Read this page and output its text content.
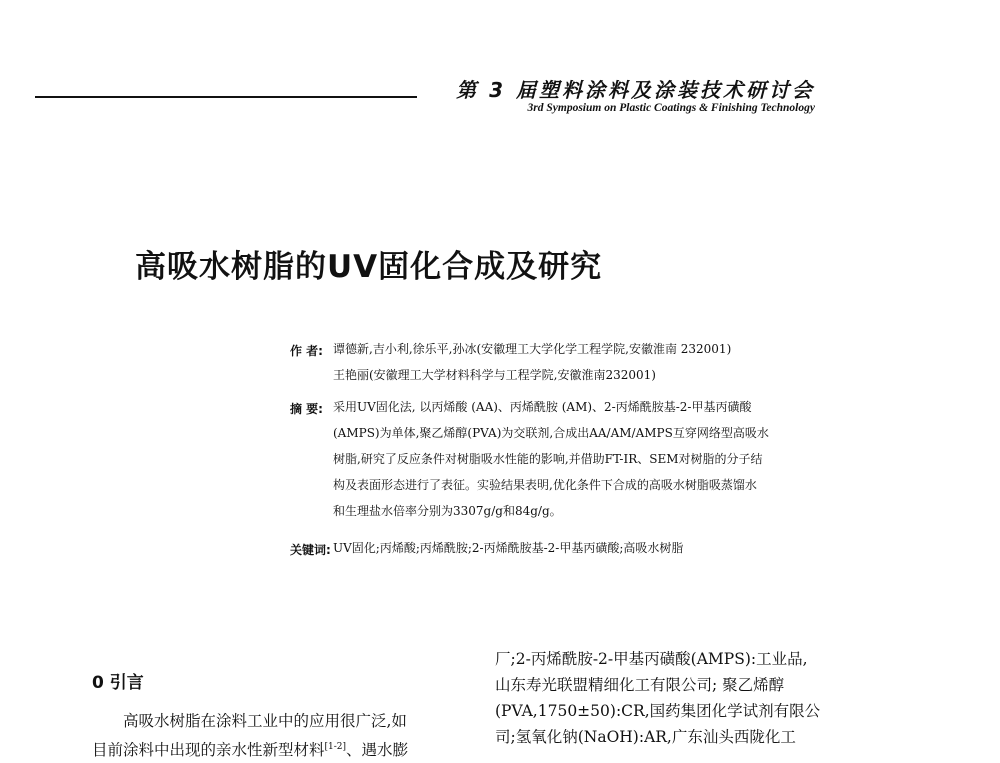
第 3 届塑料涂料及涂装技术研讨会
3rd Symposium on Plastic Coatings & Finishing Technology
高吸水树脂的UV固化合成及研究
作 者: 谭德新,吉小利,徐乐平,孙冰(安徽理工大学化学工程学院,安徽淮南 232001)
王艳丽(安徽理工大学材料科学与工程学院,安徽淮南232001)
摘 要: 采用UV固化法, 以丙烯酸 (AA)、丙烯酰胺 (AM)、2-丙烯酰胺基-2-甲基丙磺酸
(AMPS)为单体,聚乙烯醇(PVA)为交联剂,合成出AA/AM/AMPS互穿网络型高吸水
树脂,研究了反应条件对树脂吸水性能的影响,并借助FT-IR、SEM对树脂的分子结
构及表面形态进行了表征。实验结果表明,优化条件下合成的高吸水树脂吸蒸馏水
和生理盐水倍率分别为3307g/g和84g/g。
关键词: UV固化;丙烯酸;丙烯酰胺;2-丙烯酰胺基-2-甲基丙磺酸;高吸水树脂
0 引言
高吸水树脂在涂料工业中的应用很广泛,如
目前涂料中出现的亲水性新型材料[1-2]、遇水膨
厂;2-丙烯酰胺-2-甲基丙磺酸(AMPS):工业品,
山东寿光联盟精细化工有限公司; 聚乙烯醇
(PVA,1750±50):CR,国药集团化学试剂有限公
司;氢氧化钠(NaOH):AR,广东汕头西陇化工
